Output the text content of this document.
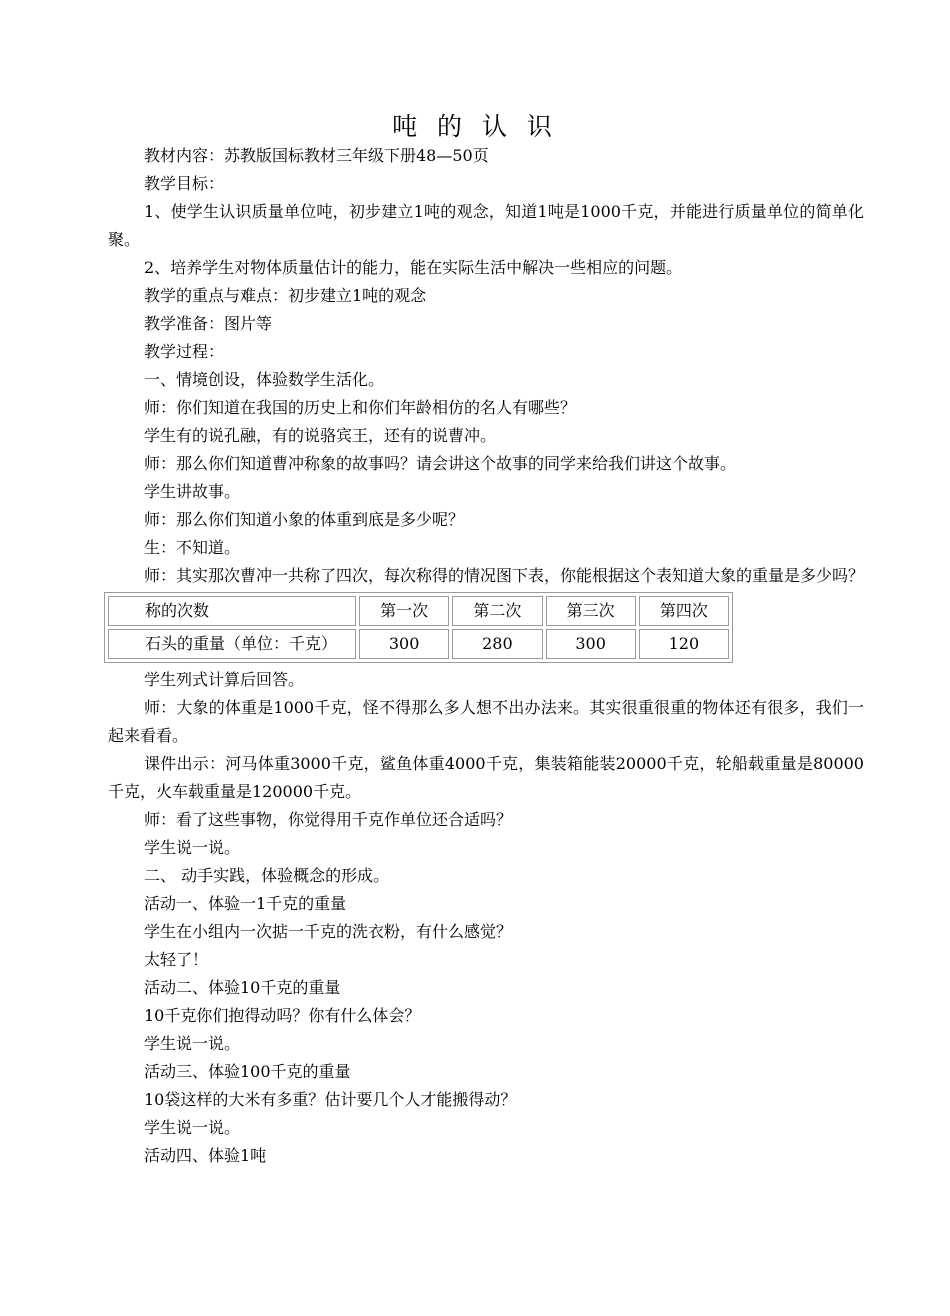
吨 的 认 识

教材内容：苏教版国标教材三年级下册48—50页

教学目标：

1、使学生认识质量单位吨，初步建立1吨的观念，知道1吨是1000千克，并能进行质量单位的简单化聚。

2、培养学生对物体质量估计的能力，能在实际生活中解决一些相应的问题。

教学的重点与难点：初步建立1吨的观念

教学准备：图片等

教学过程：

一、情境创设，体验数学生活化。

师：你们知道在我国的历史上和你们年龄相仿的名人有哪些？

学生有的说孔融，有的说骆宾王，还有的说曹冲。

师：那么你们知道曹冲称象的故事吗？请会讲这个故事的同学来给我们讲这个故事。

学生讲故事。

师：那么你们知道小象的体重到底是多少呢？

生：不知道。

师：其实那次曹冲一共称了四次，每次称得的情况图下表，你能根据这个表知道大象的重量是多少吗？

称的次数	第一次	第二次	第三次	第四次
石头的重量（单位：千克）	300	280	300	120

学生列式计算后回答。

师：大象的体重是1000千克，怪不得那么多人想不出办法来。其实很重很重的物体还有很多，我们一起来看看。

课件出示：河马体重3000千克，鲨鱼体重4000千克，集装箱能装20000千克，轮船载重量是80000千克，火车载重量是120000千克。

师：看了这些事物，你觉得用千克作单位还合适吗？

学生说一说。

二、 动手实践，体验概念的形成。

活动一、体验一1千克的重量

学生在小组内一次掂一千克的洗衣粉，有什么感觉？

太轻了！

活动二、体验10千克的重量

10千克你们抱得动吗？你有什么体会？

学生说一说。

活动三、体验100千克的重量

10袋这样的大米有多重？估计要几个人才能搬得动？

学生说一说。

活动四、体验1吨
